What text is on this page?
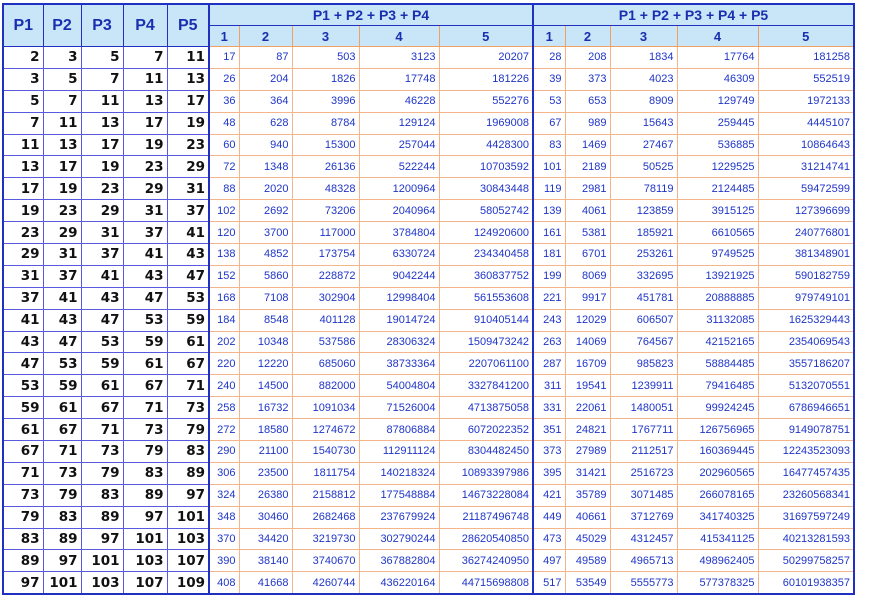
P1	P2	P3	P4	P5	P1 + P2 + P3 + P4					P1 + P2 + P3 + P4 + P5				
					1	2	3	4	5	1	2	3	4	5
2	3	5	7	11	17	87	503	3123	20207	28	208	1834	17764	181258
3	5	7	11	13	26	204	1826	17748	181226	39	373	4023	46309	552519
5	7	11	13	17	36	364	3996	46228	552276	53	653	8909	129749	1972133
7	11	13	17	19	48	628	8784	129124	1969008	67	989	15643	259445	4445107
11	13	17	19	23	60	940	15300	257044	4428300	83	1469	27467	536885	10864643
13	17	19	23	29	72	1348	26136	522244	10703592	101	2189	50525	1229525	31214741
17	19	23	29	31	88	2020	48328	1200964	30843448	119	2981	78119	2124485	59472599
19	23	29	31	37	102	2692	73206	2040964	58052742	139	4061	123859	3915125	127396699
23	29	31	37	41	120	3700	117000	3784804	124920600	161	5381	185921	6610565	240776801
29	31	37	41	43	138	4852	173754	6330724	234340458	181	6701	253261	9749525	381348901
31	37	41	43	47	152	5860	228872	9042244	360837752	199	8069	332695	13921925	590182759
37	41	43	47	53	168	7108	302904	12998404	561553608	221	9917	451781	20888885	979749101
41	43	47	53	59	184	8548	401128	19014724	910405144	243	12029	606507	31132085	1625329443
43	47	53	59	61	202	10348	537586	28306324	1509473242	263	14069	764567	42152165	2354069543
47	53	59	61	67	220	12220	685060	38733364	2207061100	287	16709	985823	58884485	3557186207
53	59	61	67	71	240	14500	882000	54004804	3327841200	311	19541	1239911	79416485	5132070551
59	61	67	71	73	258	16732	1091034	71526004	4713875058	331	22061	1480051	99924245	6786946651
61	67	71	73	79	272	18580	1274672	87806884	6072022352	351	24821	1767711	126756965	9149078751
67	71	73	79	83	290	21100	1540730	112911124	8304482450	373	27989	2112517	160369445	12243523093
71	73	79	83	89	306	23500	1811754	140218324	10893397986	395	31421	2516723	202960565	16477457435
73	79	83	89	97	324	26380	2158812	177548884	14673228084	421	35789	3071485	266078165	23260568341
79	83	89	97	101	348	30460	2682468	237679924	21187496748	449	40661	3712769	341740325	31697597249
83	89	97	101	103	370	34420	3219730	302790244	28620540850	473	45029	4312457	415341125	40213281593
89	97	101	103	107	390	38140	3740670	367882804	36274240950	497	49589	4965713	498962405	50299758257
97	101	103	107	109	408	41668	4260744	436220164	44715698808	517	53549	5555773	577378325	60101938357
